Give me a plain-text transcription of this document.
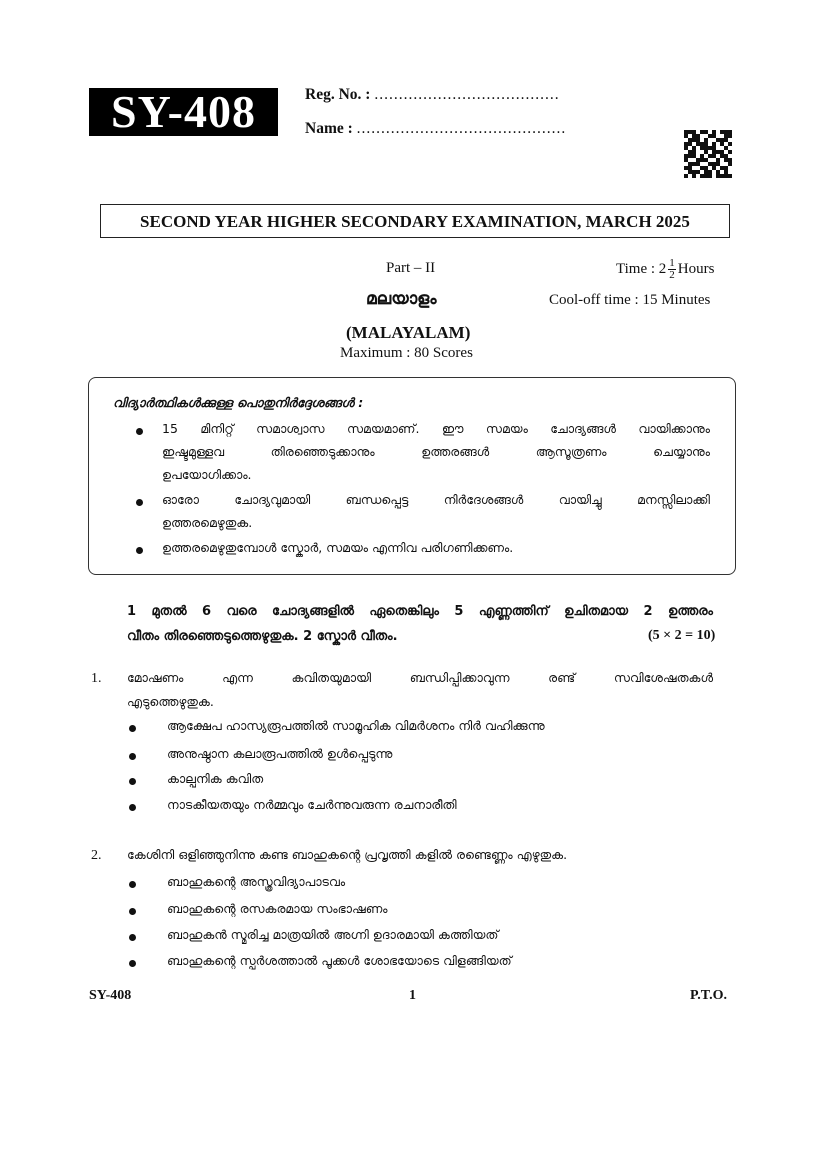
SY-408	Reg. No. : ......................................
Name : ...........................................
SECOND YEAR HIGHER SECONDARY EXAMINATION, MARCH 2025
Part – II	Time : $2 \frac{1}{2}$ Hours
മലയാളം	Cool-off time : 15 Minutes
(MALAYALAM)
Maximum : 80 Scores
വിദ്യാർത്ഥികൾക്കുള്ള പൊതുനിർദ്ദേശങ്ങൾ :
15 മിനിറ്റ് സമാശ്വാസ സമയമാണ്. ഈ സമയം ചോദ്യങ്ങൾ വായിക്കാനും
ഇഷ്ടമുള്ളവ തിരഞ്ഞെടുക്കാനും ഉത്തരങ്ങൾ ആസൂത്രണം ചെയ്യാനും
ഉപയോഗിക്കാം.
ഓരോ ചോദ്യവുമായി ബന്ധപ്പെട്ട നിർദേശങ്ങൾ വായിച്ചു മനസ്സിലാക്കി
ഉത്തരമെഴുതുക.
ഉത്തരമെഴുതുമ്പോൾ സ്കോർ, സമയം എന്നിവ പരിഗണിക്കണം.
1 മുതൽ 6 വരെ ചോദ്യങ്ങളിൽ ഏതെങ്കിലും 5 എണ്ണത്തിന് ഉചിതമായ 2 ഉത്തരം
വീതം തിരഞ്ഞെടുത്തെഴുതുക. 2 സ്കോർ വീതം.	(5 × 2 = 10)
1. മോഷണം എന്ന കവിതയുമായി ബന്ധിപ്പിക്കാവുന്ന രണ്ട് സവിശേഷതകൾ
എടുത്തെഴുതുക.
ആക്ഷേപ ഹാസ്യരൂപത്തിൽ സാമൂഹിക വിമർശനം നിർ വഹിക്കുന്നു
അനുഷ്ഠാന കലാരൂപത്തിൽ ഉൾപ്പെടുന്നു
കാല്പനിക കവിത
നാടകീയതയും നർമ്മവും ചേർന്നുവരുന്ന രചനാരീതി
2. കേശിനി ഒളിഞ്ഞുനിന്നു കണ്ട ബാഹുകന്റെ പ്രവൃത്തി കളിൽ രണ്ടെണ്ണം എഴുതുക.
ബാഹുകന്റെ അസ്ത്രവിദ്യാപാടവം
ബാഹുകന്റെ രസകരമായ സംഭാഷണം
ബാഹുകൻ സ്മരിച്ച മാത്രയിൽ അഗ്നി ഉദാരമായി കത്തിയത്
ബാഹുകന്റെ സ്പർശത്താൽ പൂക്കൾ ശോഭയോടെ വിളങ്ങിയത്
SY-408	1	P.T.O.
